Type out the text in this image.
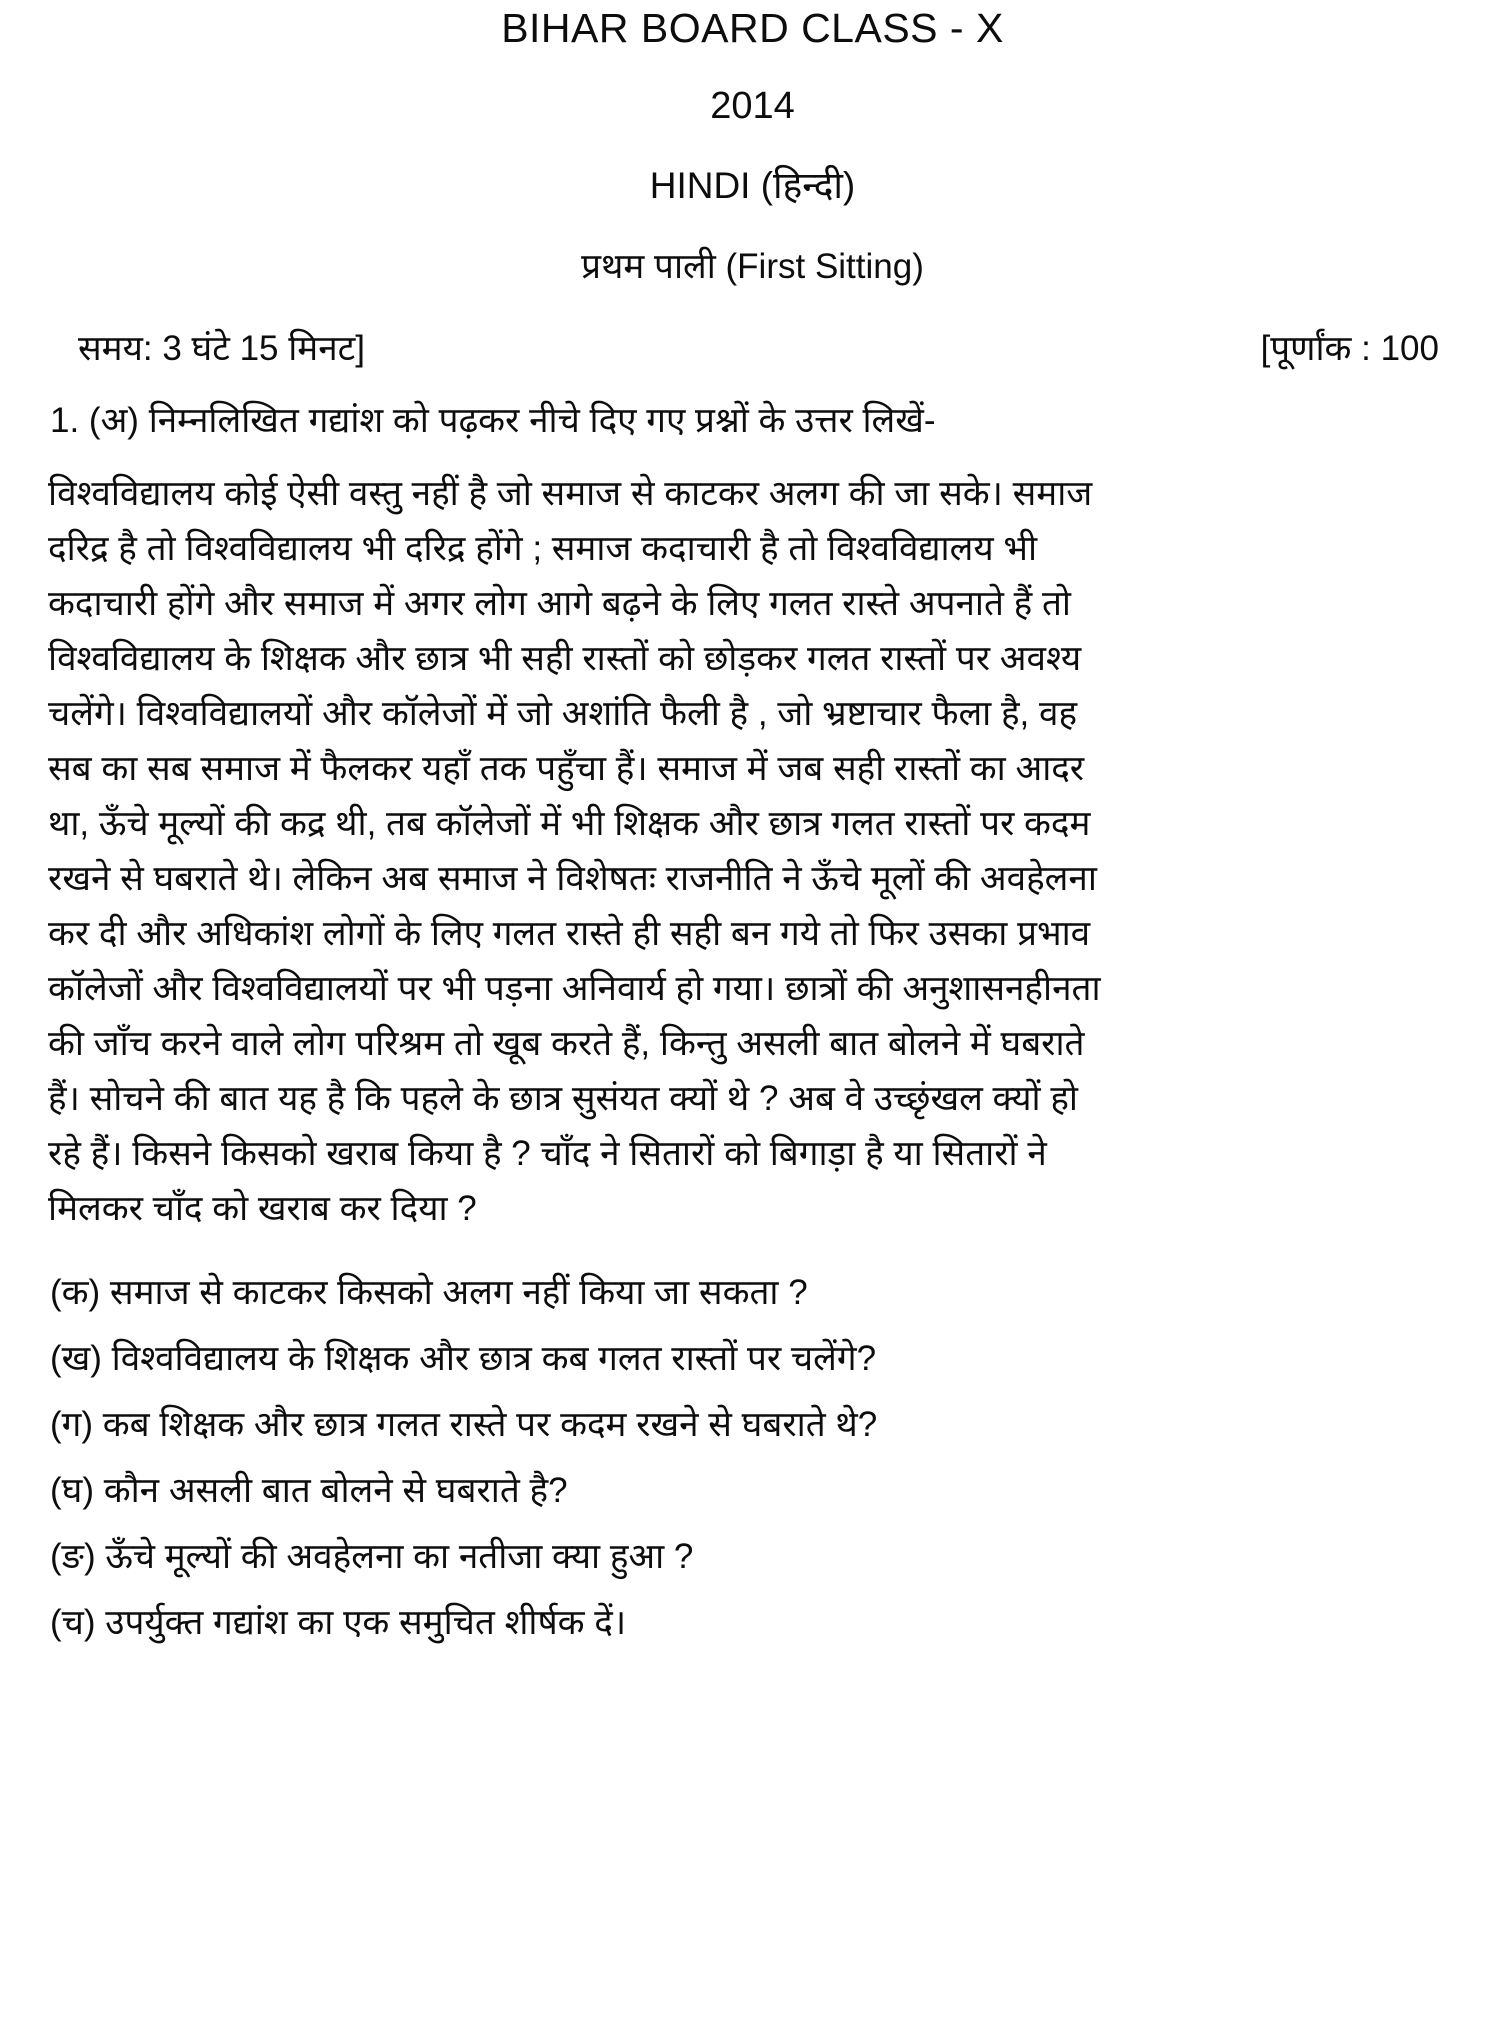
BIHAR BOARD CLASS - X
2014
HINDI (हिन्दी)
प्रथम पाली (First Sitting)
समय: 3 घंटे 15 मिनट]	[पूर्णांक : 100
1. (अ) निम्नलिखित गद्यांश को पढ़कर नीचे दिए गए प्रश्नों के उत्तर लिखें-
विश्वविद्यालय कोई ऐसी वस्तु नहीं है जो समाज से काटकर अलग की जा सके। समाज
दरिद्र है तो विश्वविद्यालय भी दरिद्र होंगे ; समाज कदाचारी है तो विश्वविद्यालय भी
कदाचारी होंगे और समाज में अगर लोग आगे बढ़ने के लिए गलत रास्ते अपनाते हैं तो
विश्वविद्यालय के शिक्षक और छात्र भी सही रास्तों को छोड़कर गलत रास्तों पर अवश्य
चलेंगे। विश्वविद्यालयों और कॉलेजों में जो अशांति फैली है , जो भ्रष्टाचार फैला है, वह
सब का सब समाज में फैलकर यहाँ तक पहुँचा हैं। समाज में जब सही रास्तों का आदर
था, ऊँचे मूल्यों की कद्र थी, तब कॉलेजों में भी शिक्षक और छात्र गलत रास्तों पर कदम
रखने से घबराते थे। लेकिन अब समाज ने विशेषतः राजनीति ने ऊँचे मूलों की अवहेलना
कर दी और अधिकांश लोगों के लिए गलत रास्ते ही सही बन गये तो फिर उसका प्रभाव
कॉलेजों और विश्वविद्यालयों पर भी पड़ना अनिवार्य हो गया। छात्रों की अनुशासनहीनता
की जाँच करने वाले लोग परिश्रम तो खूब करते हैं, किन्तु असली बात बोलने में घबराते
हैं। सोचने की बात यह है कि पहले के छात्र सुसंयत क्यों थे ? अब वे उच्छृंखल क्यों हो
रहे हैं। किसने किसको खराब किया है ? चाँद ने सितारों को बिगाड़ा है या सितारों ने
मिलकर चाँद को खराब कर दिया ?
(क) समाज से काटकर किसको अलग नहीं किया जा सकता ?
(ख) विश्वविद्यालय के शिक्षक और छात्र कब गलत रास्तों पर चलेंगे?
(ग) कब शिक्षक और छात्र गलत रास्ते पर कदम रखने से घबराते थे?
(घ) कौन असली बात बोलने से घबराते है?
(ङ) ऊँचे मूल्यों की अवहेलना का नतीजा क्या हुआ ?
(च) उपर्युक्त गद्यांश का एक समुचित शीर्षक दें।
